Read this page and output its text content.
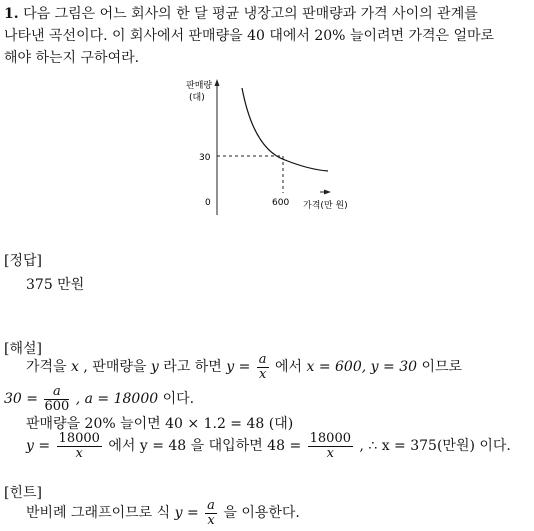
1. 다음 그림은 어느 회사의 한 달 평균 냉장고의 판매량과 가격 사이의 관계를
나타낸 곡선이다. 이 회사에서 판매량을 40 대에서 20% 늘이려면 가격은 얼마로
해야 하는지 구하여라.
판매량
(대)
30
600
0	가격(만 원)
[정답]
375 만원
[해설]
가격을 x , 판매량을 y 라고 하면 $y = \frac{a}{x}$ 에서 x = 600, y = 30 이므로
$30 = \frac{a}{600}$ , a = 18000 이다.
판매량을 20% 늘이면 40 × 1.2 = 48 (대)
$y = \frac{18000}{x}$ 에서 y = 48 을 대입하면 $48 = \frac{18000}{x}$ , ∴ x = 375(만원) 이다.
[힌트]
반비례 그래프이므로 식 $y = \frac{a}{x}$ 을 이용한다.
